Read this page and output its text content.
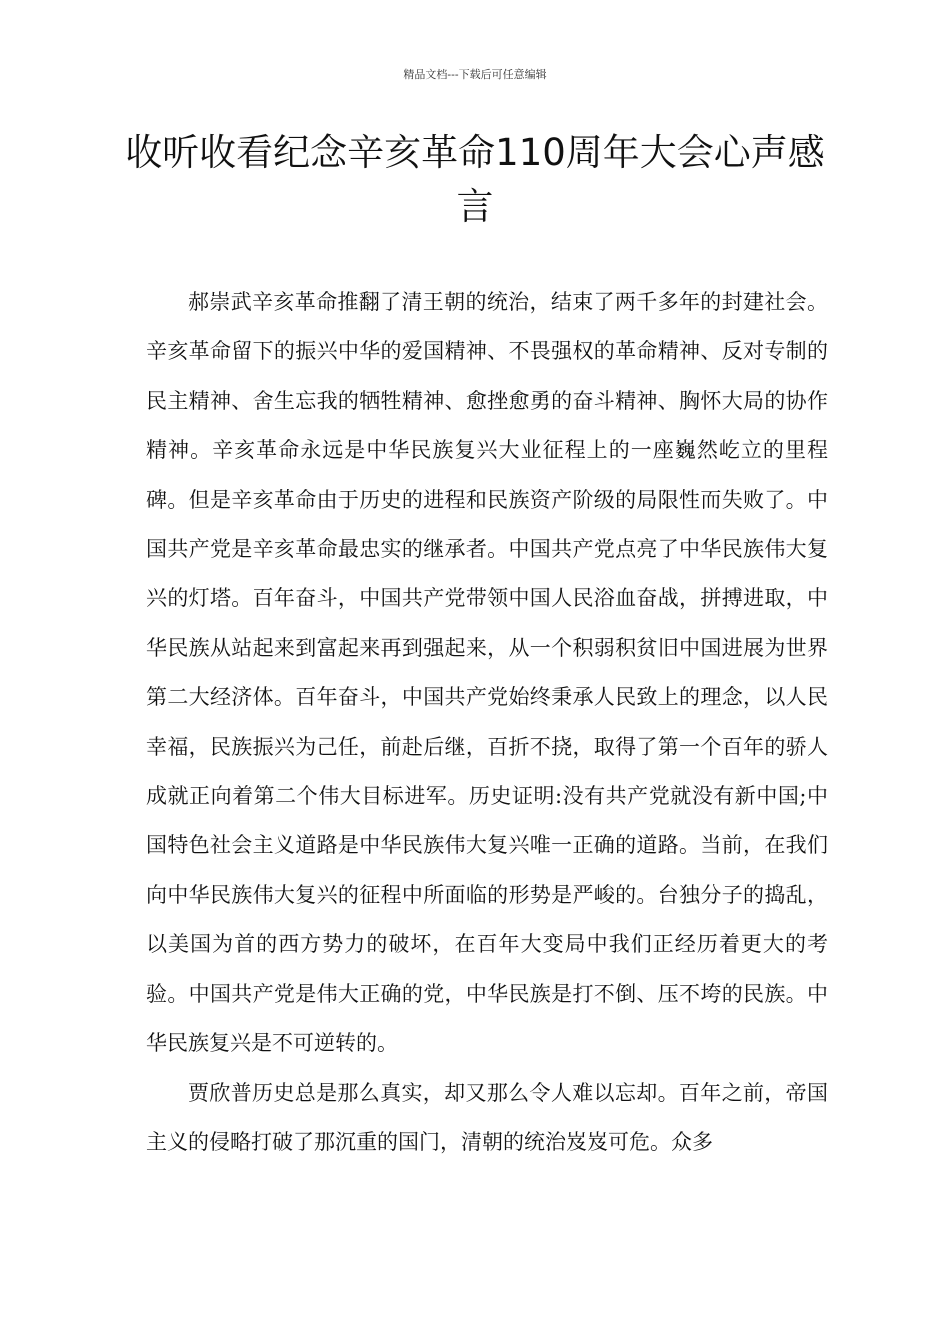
精品文档---下载后可任意编辑
收听收看纪念辛亥革命110周年大会心声感言

郝崇武辛亥革命推翻了清王朝的统治，结束了两千多年的封建社会。辛亥革命留下的振兴中华的爱国精神、不畏强权的革命精神、反对专制的民主精神、舍生忘我的牺牲精神、愈挫愈勇的奋斗精神、胸怀大局的协作精神。辛亥革命永远是中华民族复兴大业征程上的一座巍然屹立的里程碑。但是辛亥革命由于历史的进程和民族资产阶级的局限性而失败了。中国共产党是辛亥革命最忠实的继承者。中国共产党点亮了中华民族伟大复兴的灯塔。百年奋斗，中国共产党带领中国人民浴血奋战，拼搏进取，中华民族从站起来到富起来再到强起来，从一个积弱积贫旧中国进展为世界第二大经济体。百年奋斗，中国共产党始终秉承人民致上的理念，以人民幸福，民族振兴为己任，前赴后继，百折不挠，取得了第一个百年的骄人成就正向着第二个伟大目标进军。历史证明:没有共产党就没有新中国;中国特色社会主义道路是中华民族伟大复兴唯一正确的道路。当前，在我们向中华民族伟大复兴的征程中所面临的形势是严峻的。台独分子的捣乱，以美国为首的西方势力的破坏，在百年大变局中我们正经历着更大的考验。中国共产党是伟大正确的党，中华民族是打不倒、压不垮的民族。中华民族复兴是不可逆转的。

贾欣普历史总是那么真实，却又那么令人难以忘却。百年之前，帝国主义的侵略打破了那沉重的国门，清朝的统治岌岌可危。众多
